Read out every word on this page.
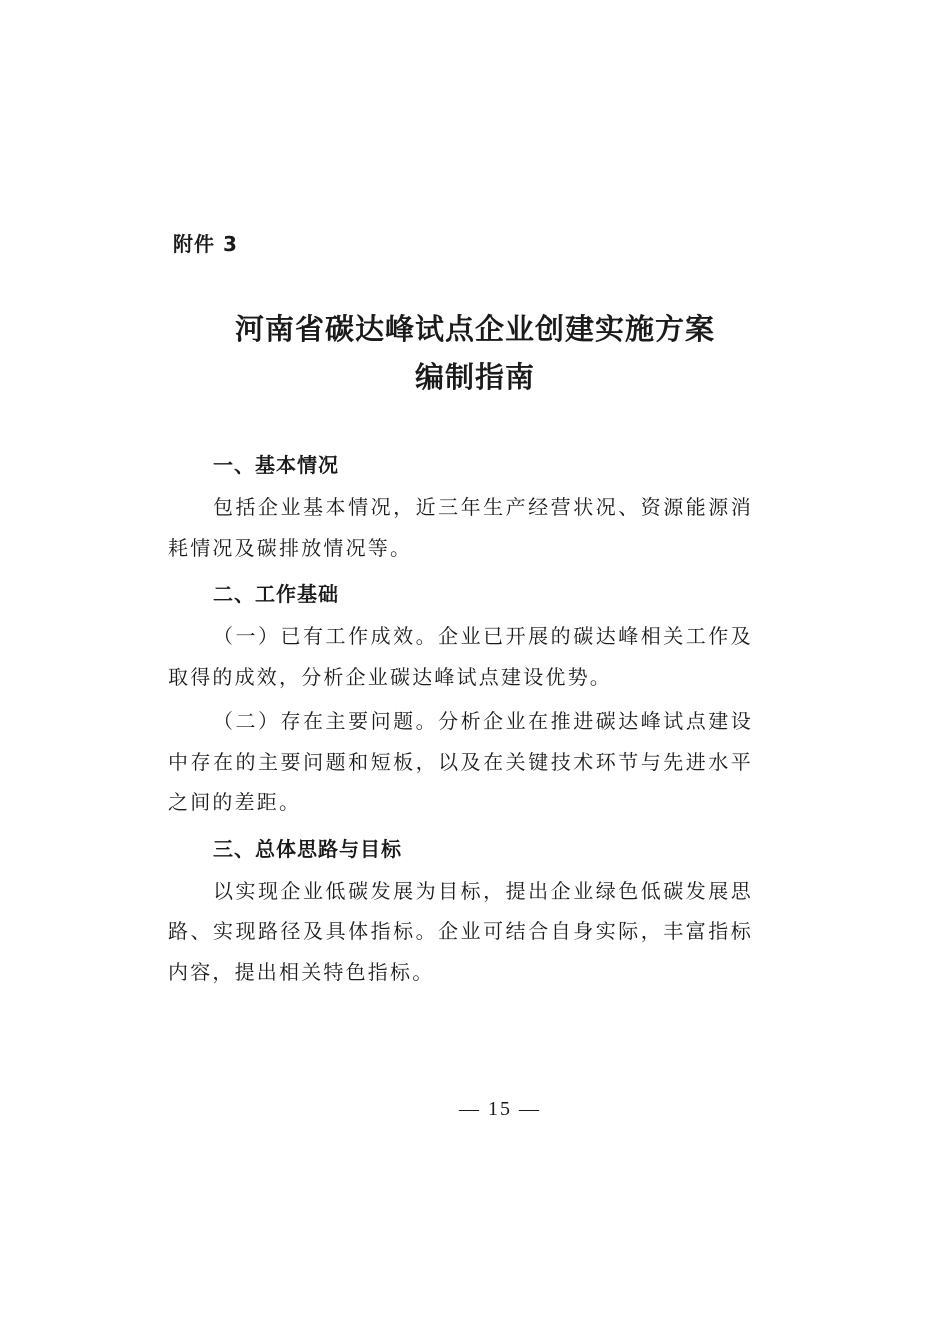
附件 3
河南省碳达峰试点企业创建实施方案
编制指南
一、基本情况

包括企业基本情况，近三年生产经营状况、资源能源消耗情况及碳排放情况等。

二、工作基础

（一）已有工作成效。企业已开展的碳达峰相关工作及取得的成效，分析企业碳达峰试点建设优势。

（二）存在主要问题。分析企业在推进碳达峰试点建设中存在的主要问题和短板，以及在关键技术环节与先进水平之间的差距。

三、总体思路与目标

以实现企业低碳发展为目标，提出企业绿色低碳发展思路、实现路径及具体指标。企业可结合自身实际，丰富指标内容，提出相关特色指标。

— 15 —
